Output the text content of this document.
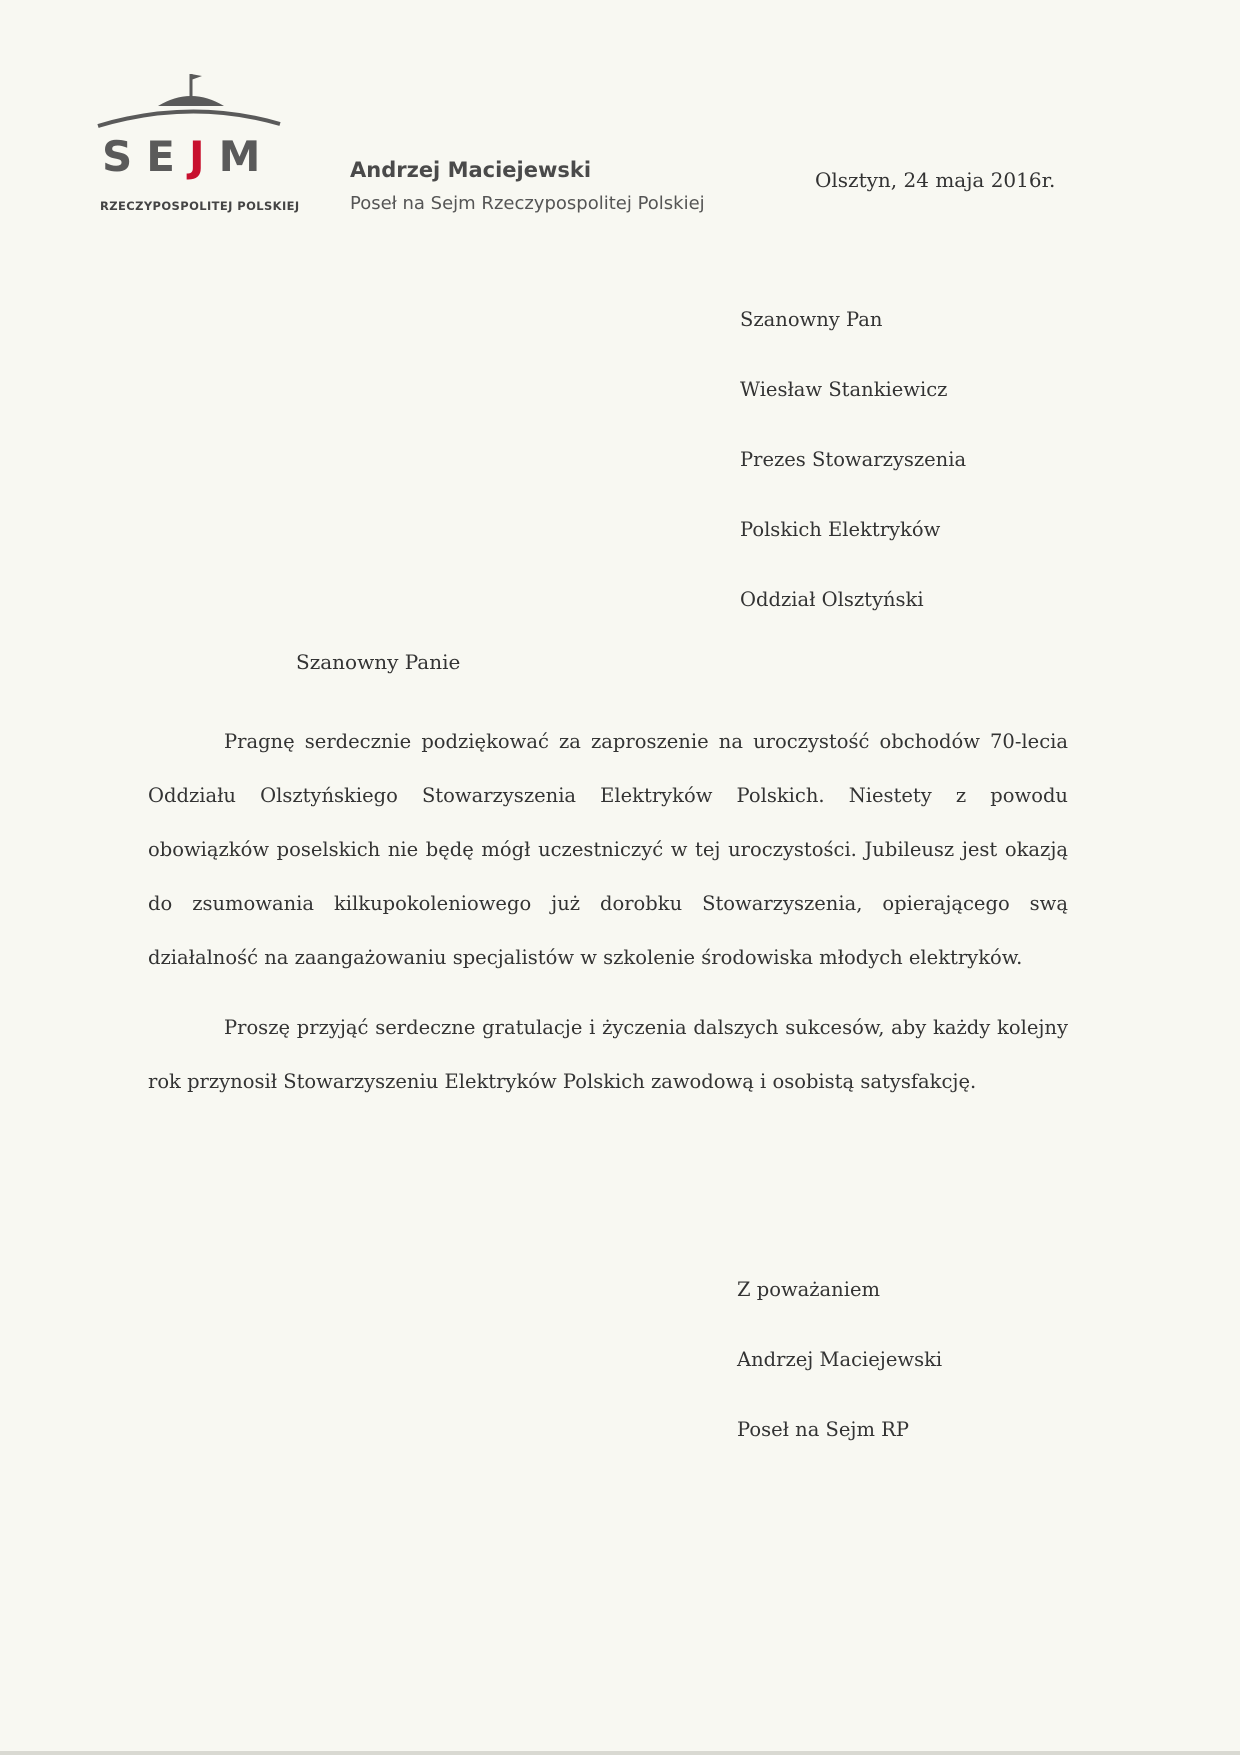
SEJM
RZECZYPOSPOLITEJ POLSKIEJ
Andrzej Maciejewski
Poseł na Sejm Rzeczypospolitej Polskiej
Olsztyn, 24 maja 2016r.
Szanowny Pan
Wiesław Stankiewicz
Prezes Stowarzyszenia
Polskich Elektryków
Oddział Olsztyński
Szanowny Panie
Pragnę serdecznie podziękować za zaproszenie na uroczystość obchodów 70-lecia Oddziału Olsztyńskiego Stowarzyszenia Elektryków Polskich. Niestety z powodu obowiązków poselskich nie będę mógł uczestniczyć w tej uroczystości. Jubileusz jest okazją do zsumowania kilkupokoleniowego już dorobku Stowarzyszenia, opierającego swą działalność na zaangażowaniu specjalistów w szkolenie środowiska młodych elektryków.
Proszę przyjąć serdeczne gratulacje i życzenia dalszych sukcesów, aby każdy kolejny rok przynosił Stowarzyszeniu Elektryków Polskich zawodową i osobistą satysfakcję.
Z poważaniem
Andrzej Maciejewski
Poseł na Sejm RP
